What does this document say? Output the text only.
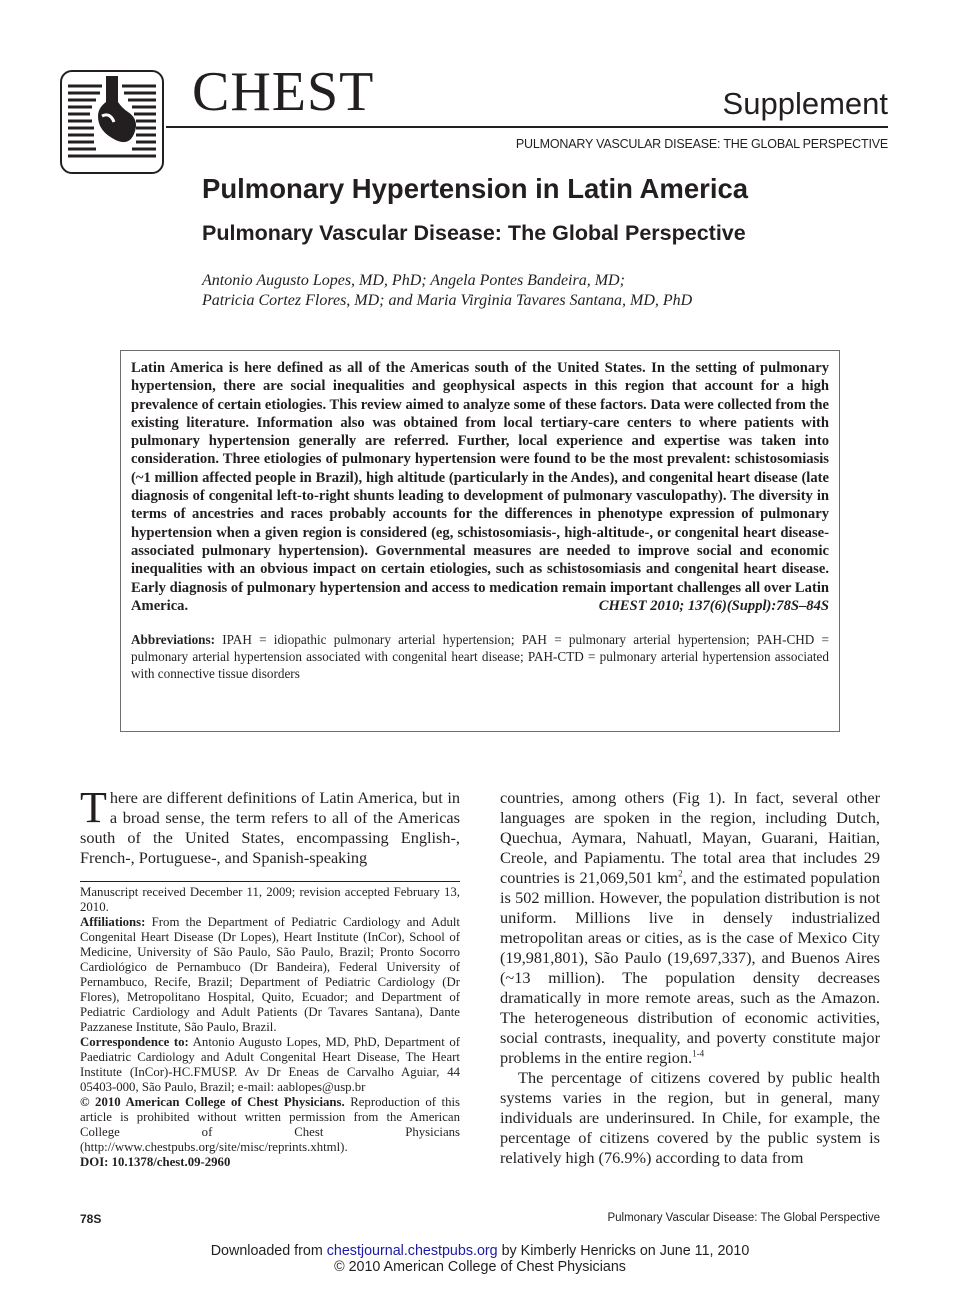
CHEST	Supplement
PULMONARY VASCULAR DISEASE: THE GLOBAL PERSPECTIVE
Pulmonary Hypertension in Latin America
Pulmonary Vascular Disease: The Global Perspective
Antonio Augusto Lopes, MD, PhD; Angela Pontes Bandeira, MD;
Patricia Cortez Flores, MD; and Maria Virginia Tavares Santana, MD, PhD

Latin America is here defined as all of the Americas south of the United States. In the setting of pulmonary hypertension, there are social inequalities and geophysical aspects in this region that account for a high prevalence of certain etiologies. This review aimed to analyze some of these factors. Data were collected from the existing literature. Information also was obtained from local tertiary-care centers to where patients with pulmonary hypertension generally are referred. Further, local experience and expertise was taken into consideration. Three etiologies of pulmonary hypertension were found to be the most prevalent: schistosomiasis (~1 million affected people in Brazil), high altitude (particularly in the Andes), and congenital heart disease (late diagnosis of congenital left-to-right shunts leading to development of pulmonary vasculopathy). The diversity in terms of ancestries and races probably accounts for the differences in phenotype expression of pulmonary hypertension when a given region is considered (eg, schistosomiasis-, high-altitude-, or congenital heart disease-associated pulmonary hypertension). Governmental measures are needed to improve social and economic inequalities with an obvious impact on certain etiologies, such as schistosomiasis and congenital heart disease. Early diagnosis of pulmonary hypertension and access to medication remain important challenges all over Latin America.	CHEST 2010; 137(6)(Suppl):78S–84S

Abbreviations: IPAH = idiopathic pulmonary arterial hypertension; PAH = pulmonary arterial hypertension; PAH-CHD = pulmonary arterial hypertension associated with congenital heart disease; PAH-CTD = pulmonary arterial hypertension associated with connective tissue disorders

There are different definitions of Latin America, but in a broad sense, the term refers to all of the Americas south of the United States, encompassing English-, French-, Portuguese-, and Spanish-speaking

Manuscript received December 11, 2009; revision accepted February 13, 2010.

Affiliations: From the Department of Pediatric Cardiology and Adult Congenital Heart Disease (Dr Lopes), Heart Institute (InCor), School of Medicine, University of São Paulo, São Paulo, Brazil; Pronto Socorro Cardiológico de Pernambuco (Dr Bandeira), Federal University of Pernambuco, Recife, Brazil; Department of Pediatric Cardiology (Dr Flores), Metropolitano Hospital, Quito, Ecuador; and Department of Pediatric Cardiology and Adult Patients (Dr Tavares Santana), Dante Pazzanese Institute, São Paulo, Brazil.

Correspondence to: Antonio Augusto Lopes, MD, PhD, Department of Paediatric Cardiology and Adult Congenital Heart Disease, The Heart Institute (InCor)-HC.FMUSP. Av Dr Eneas de Carvalho Aguiar, 44 05403-000, São Paulo, Brazil; e-mail: aablopes@usp.br

© 2010 American College of Chest Physicians. Reproduction of this article is prohibited without written permission from the American College of Chest Physicians (http://www.chestpubs.org/site/misc/reprints.xhtml).

DOI: 10.1378/chest.09-2960

countries, among others (Fig 1). In fact, several other languages are spoken in the region, including Dutch, Quechua, Aymara, Nahuatl, Mayan, Guarani, Haitian, Creole, and Papiamentu. The total area that includes 29 countries is 21,069,501 $km^2$, and the estimated population is 502 million. However, the population distribution is not uniform. Millions live in densely industrialized metropolitan areas or cities, as is the case of Mexico City (19,981,801), São Paulo (19,697,337), and Buenos Aires (~13 million). The population density decreases dramatically in more remote areas, such as the Amazon. The heterogeneous distribution of economic activities, social contrasts, inequality, and poverty constitute major problems in the entire region.$^{1-4}$

The percentage of citizens covered by public health systems varies in the region, but in general, many individuals are underinsured. In Chile, for example, the percentage of citizens covered by the public system is relatively high (76.9%) according to data from

78S	Pulmonary Vascular Disease: The Global Perspective
Downloaded from chestjournal.chestpubs.org by Kimberly Henricks on June 11, 2010
© 2010 American College of Chest Physicians
